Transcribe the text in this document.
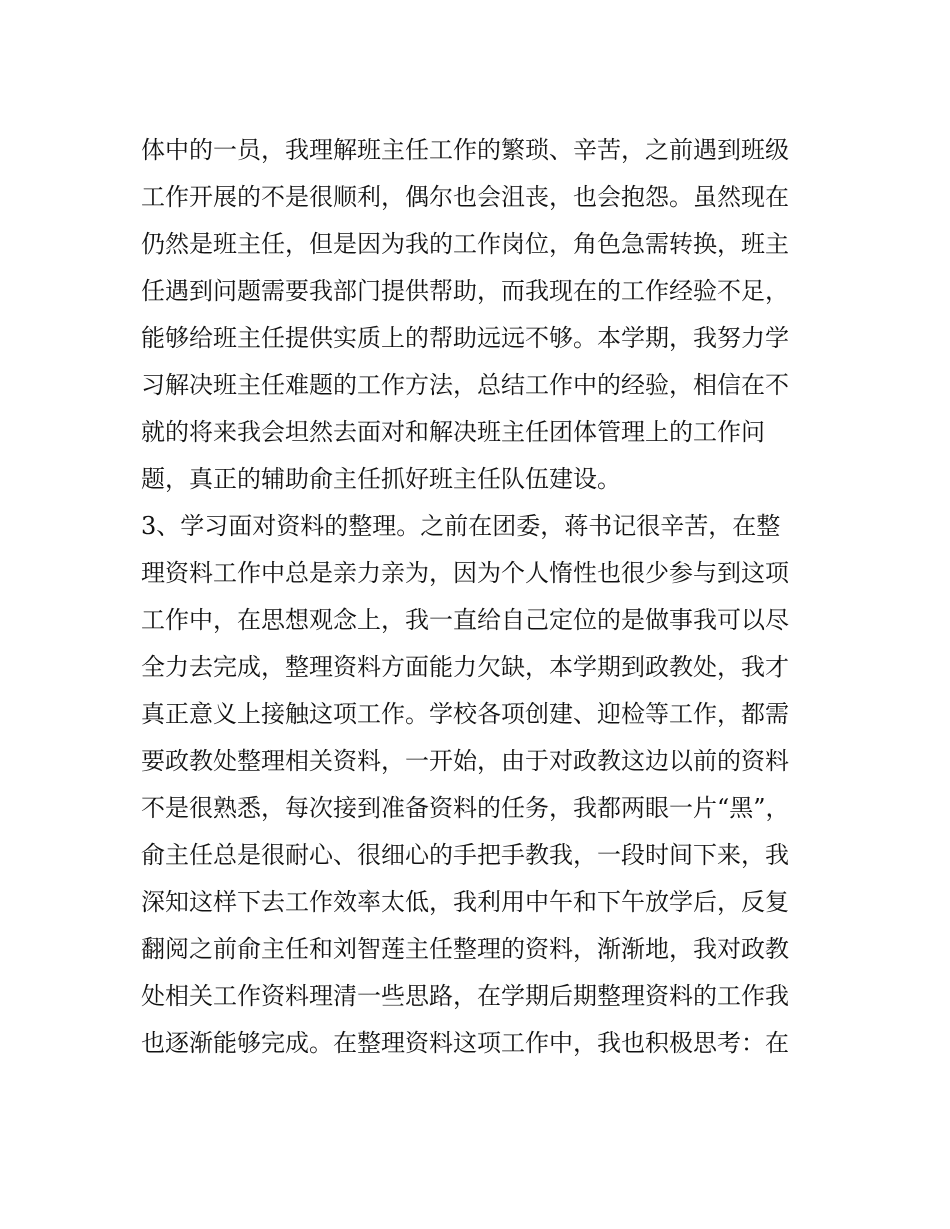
体中的一员，我理解班主任工作的繁琐、辛苦，之前遇到班级
工作开展的不是很顺利，偶尔也会沮丧，也会抱怨。虽然现在
仍然是班主任，但是因为我的工作岗位，角色急需转换，班主
任遇到问题需要我部门提供帮助，而我现在的工作经验不足，
能够给班主任提供实质上的帮助远远不够。本学期，我努力学
习解决班主任难题的工作方法，总结工作中的经验，相信在不
就的将来我会坦然去面对和解决班主任团体管理上的工作问
题，真正的辅助俞主任抓好班主任队伍建设。
3、学习面对资料的整理。之前在团委，蒋书记很辛苦，在整
理资料工作中总是亲力亲为，因为个人惰性也很少参与到这项
工作中，在思想观念上，我一直给自己定位的是做事我可以尽
全力去完成，整理资料方面能力欠缺，本学期到政教处，我才
真正意义上接触这项工作。学校各项创建、迎检等工作，都需
要政教处整理相关资料，一开始，由于对政教这边以前的资料
不是很熟悉，每次接到准备资料的任务，我都两眼一片“黑”，
俞主任总是很耐心、很细心的手把手教我，一段时间下来，我
深知这样下去工作效率太低，我利用中午和下午放学后，反复
翻阅之前俞主任和刘智莲主任整理的资料，渐渐地，我对政教
处相关工作资料理清一些思路，在学期后期整理资料的工作我
也逐渐能够完成。在整理资料这项工作中，我也积极思考：在
